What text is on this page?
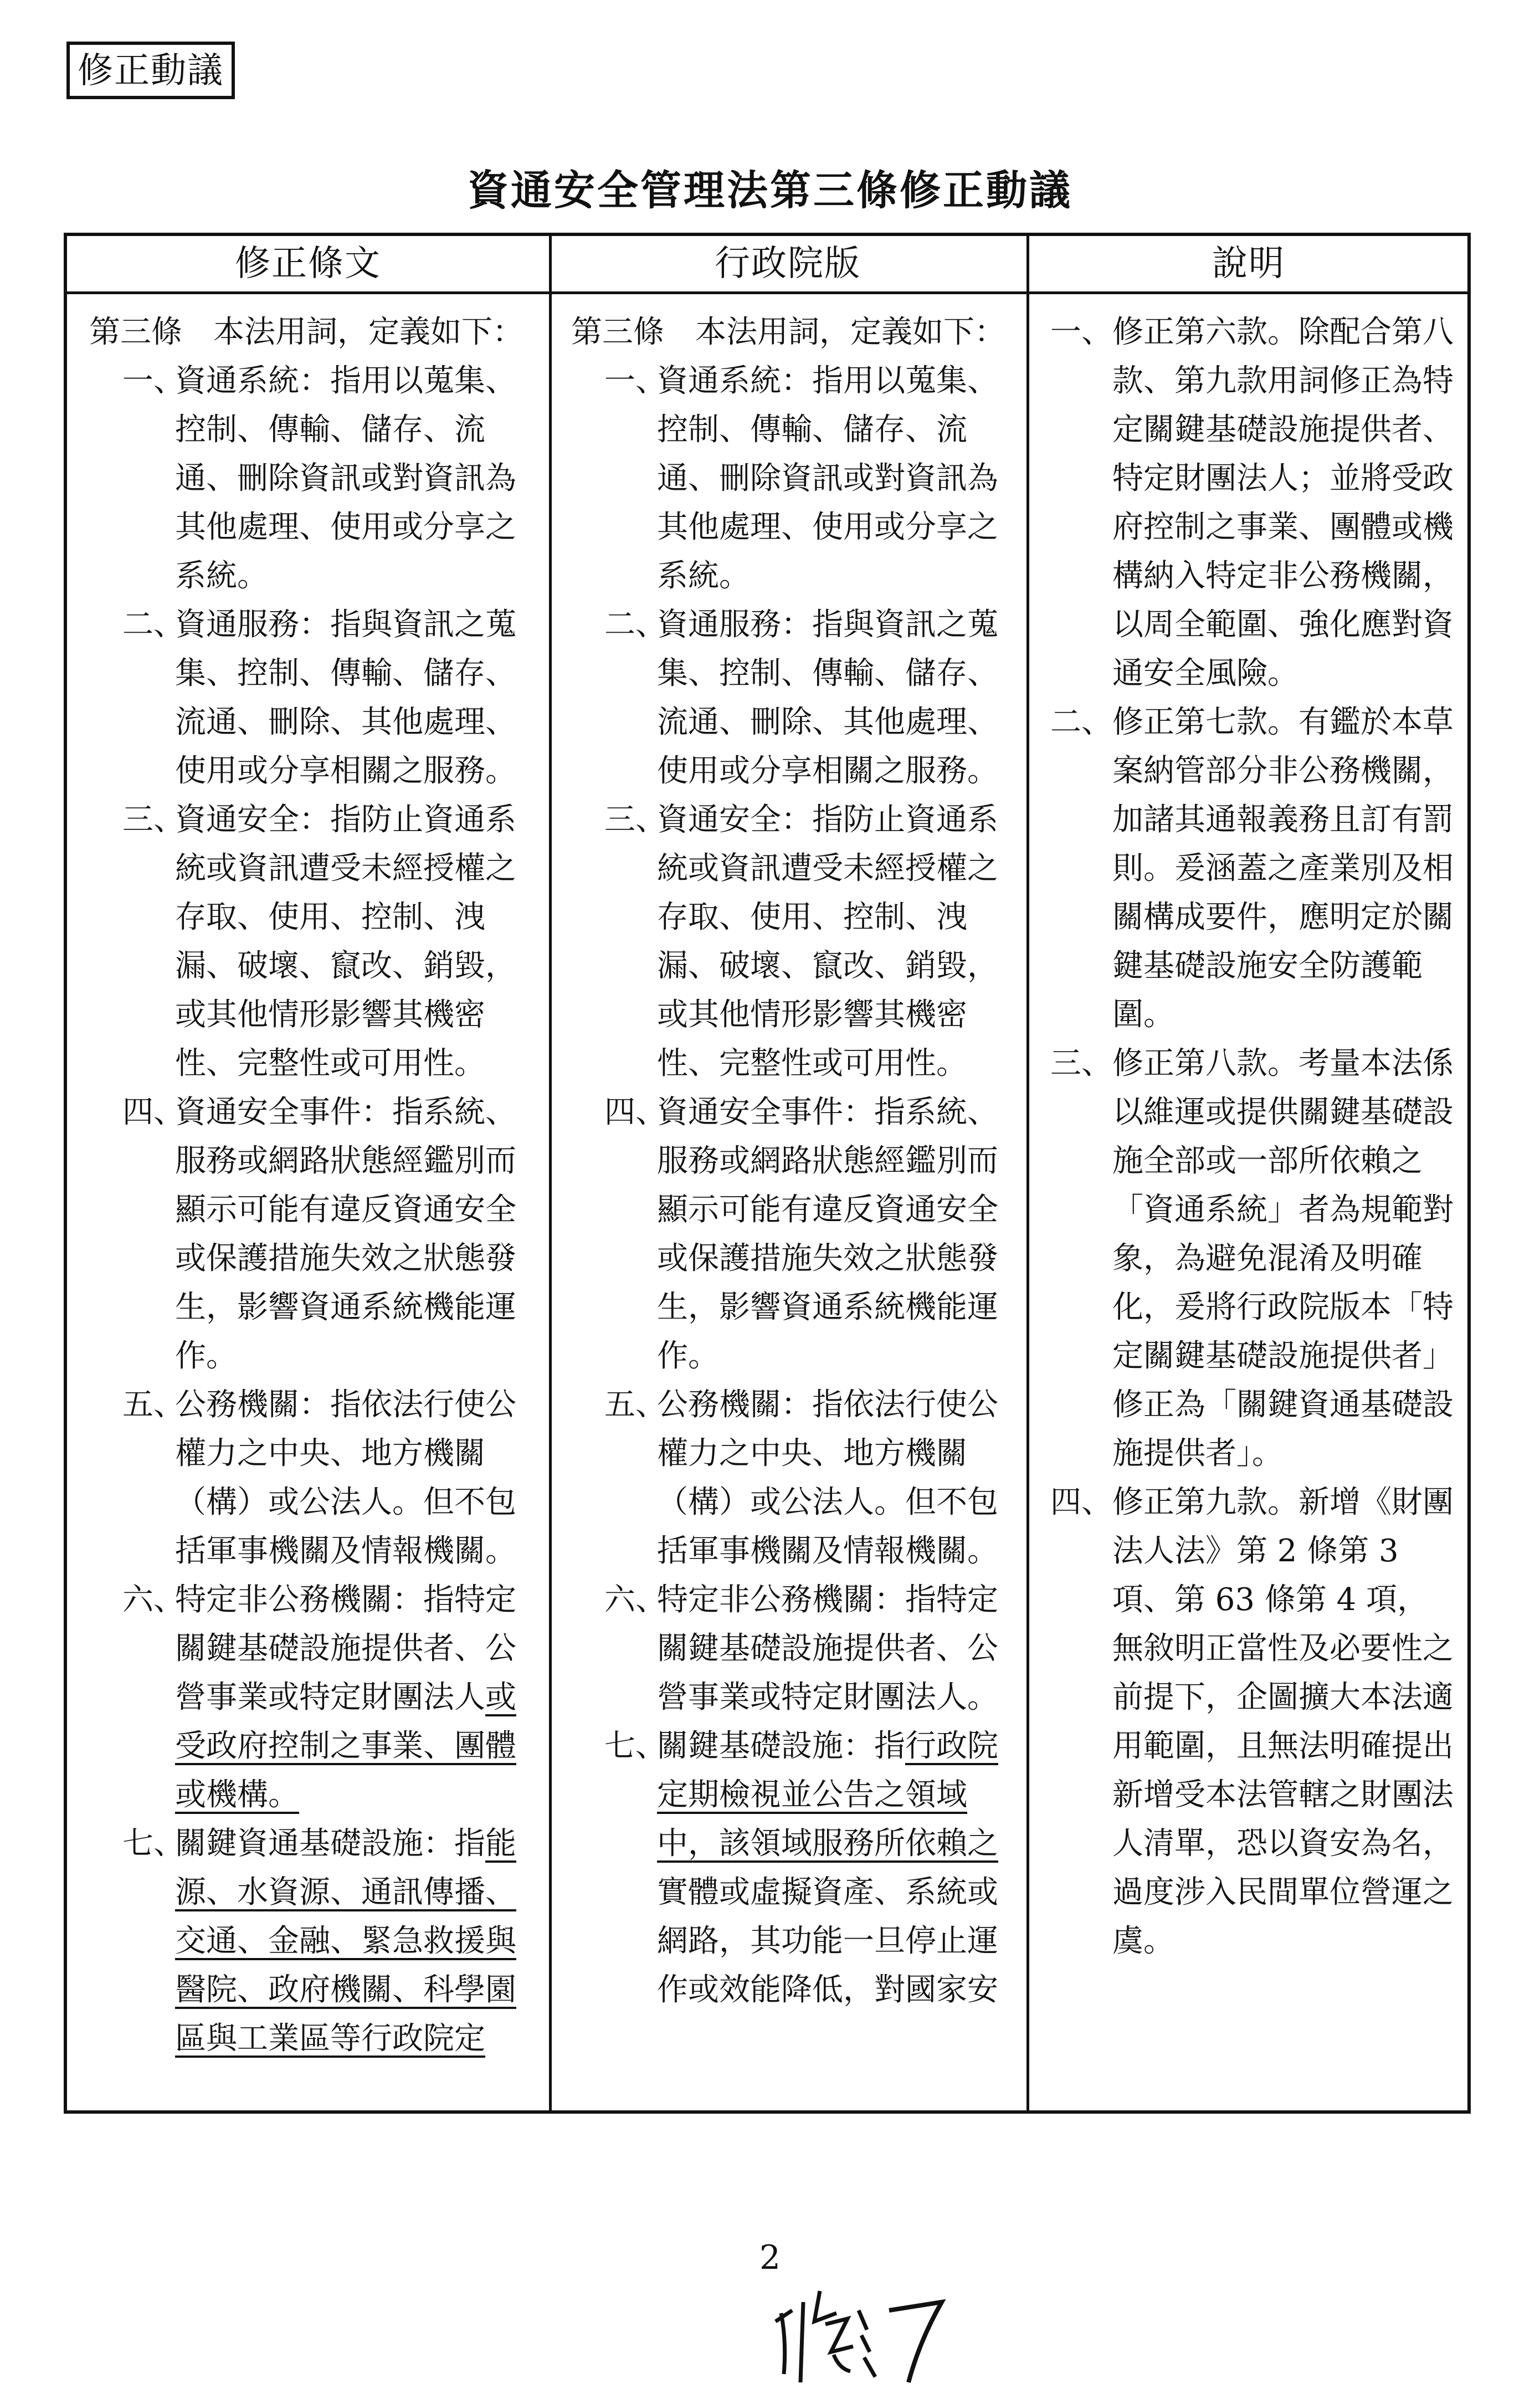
修正動議
資通安全管理法第三條修正動議
修正條文	行政院版	說明

第三條　本法用詞，定義如下：

一、
資通系統：指用以蒐集、控制、傳輸、儲存、流通、刪除資訊或對資訊為其他處理、使用或分享之系統。

二、
資通服務：指與資訊之蒐集、控制、傳輸、儲存、流通、刪除、其他處理、使用或分享相關之服務。

三、
資通安全：指防止資通系統或資訊遭受未經授權之存取、使用、控制、洩漏、破壞、竄改、銷毀，或其他情形影響其機密性、完整性或可用性。

四、
資通安全事件：指系統、服務或網路狀態經鑑別而顯示可能有違反資通安全或保護措施失效之狀態發生，影響資通系統機能運作。

五、
公務機關：指依法行使公權力之中央、地方機關（構）或公法人。但不包括軍事機關及情報機關。

六、
特定非公務機關：指特定關鍵基礎設施提供者、公營事業或特定財團法人或受政府控制之事業、團體或機構。

七、
關鍵資通基礎設施：指能源、水資源、通訊傳播、交通、金融、緊急救援與醫院、政府機關、科學園區與工業區等行政院定

第三條　本法用詞，定義如下：

一、
資通系統：指用以蒐集、控制、傳輸、儲存、流通、刪除資訊或對資訊為其他處理、使用或分享之系統。

二、
資通服務：指與資訊之蒐集、控制、傳輸、儲存、流通、刪除、其他處理、使用或分享相關之服務。

三、
資通安全：指防止資通系統或資訊遭受未經授權之存取、使用、控制、洩漏、破壞、竄改、銷毀，或其他情形影響其機密性、完整性或可用性。

四、
資通安全事件：指系統、服務或網路狀態經鑑別而顯示可能有違反資通安全或保護措施失效之狀態發生，影響資通系統機能運作。

五、
公務機關：指依法行使公權力之中央、地方機關（構）或公法人。但不包括軍事機關及情報機關。

六、
特定非公務機關：指特定關鍵基礎設施提供者、公營事業或特定財團法人。

七、
關鍵基礎設施：指行政院定期檢視並公告之領域中，該領域服務所依賴之實體或虛擬資產、系統或網路，其功能一旦停止運作或效能降低，對國家安

一、 修正第六款。除配合第八款、第九款用詞修正為特定關鍵基礎設施提供者、特定財團法人；並將受政府控制之事業、團體或機構納入特定非公務機關，以周全範圍、強化應對資通安全風險。

二、 修正第七款。有鑑於本草案納管部分非公務機關，加諸其通報義務且訂有罰則。爰涵蓋之產業別及相關構成要件，應明定於關鍵基礎設施安全防護範圍。

三、 修正第八款。考量本法係以維運或提供關鍵基礎設施全部或一部所依賴之「資通系統」者為規範對象，為避免混淆及明確化，爰將行政院版本「特定關鍵基礎設施提供者」修正為「關鍵資通基礎設施提供者」。

四、 修正第九款。新增《財團法人法》第 2 條第 3 項、第 63 條第 4 項，無敘明正當性及必要性之前提下，企圖擴大本法適用範圍，且無法明確提出新增受本法管轄之財團法人清單，恐以資安為名，過度涉入民間單位營運之虞。

2
